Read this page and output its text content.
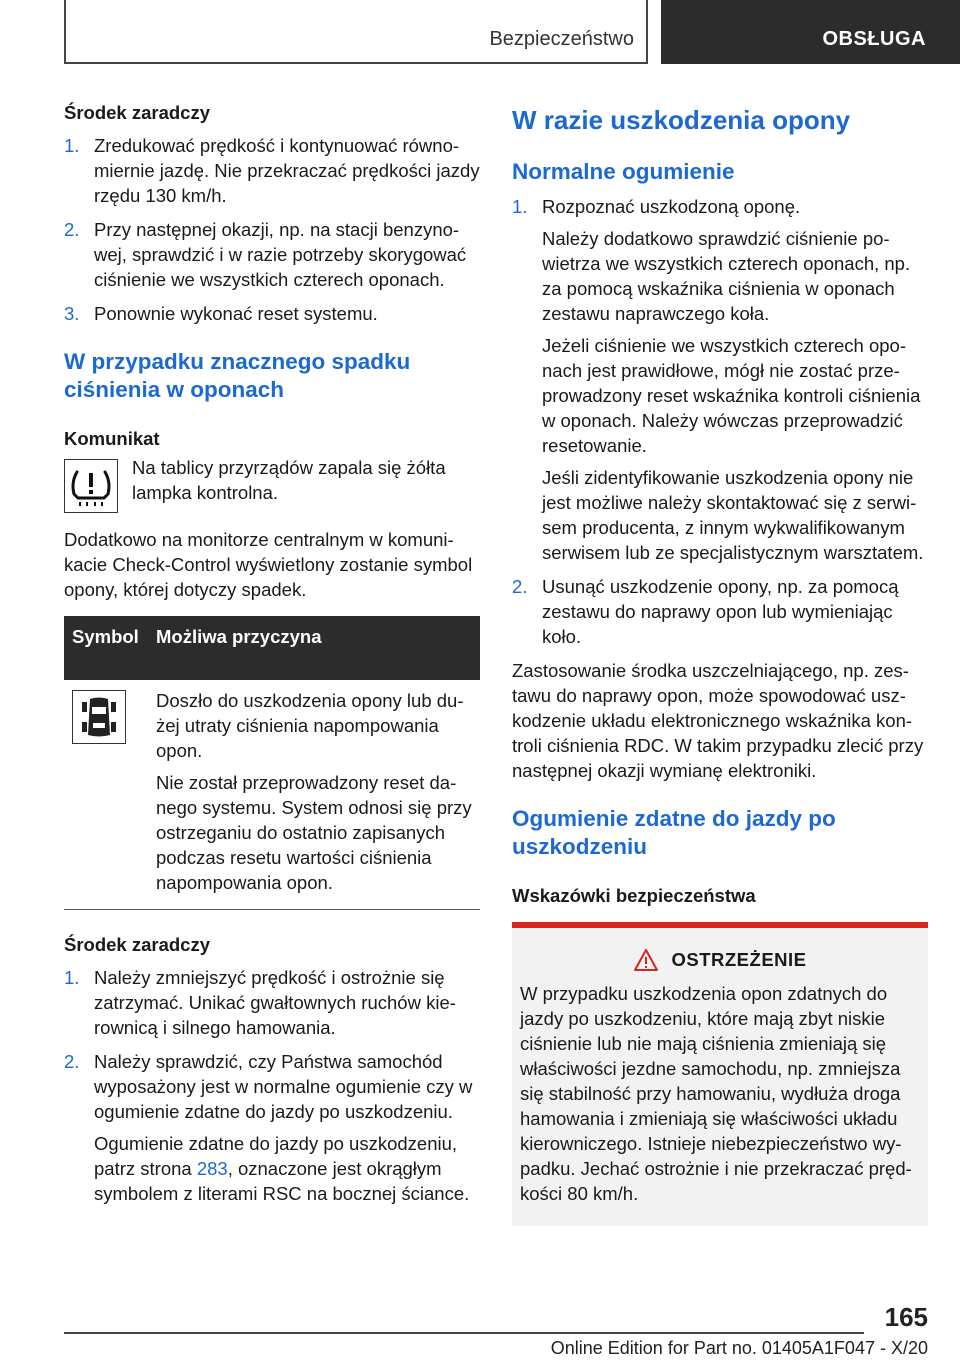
Bezpieczeństwo	OBSŁUGA
Środek zaradczy
1. Zredukować prędkość i kontynuować równomiernie jazdę. Nie przekraczać prędkości jazdy rzędu 130 km/h.

2. Przy następnej okazji, np. na stacji benzynowej, sprawdzić i w razie potrzeby skorygować ciśnienie we wszystkich czterech oponach.

3. Ponownie wykonać reset systemu.

W przypadku znacznego spadku ciśnienia w oponach
Komunikat

Na tablicy przyrządów zapala się żółta lampka kontrolna.

Dodatkowo na monitorze centralnym w komunikacie Check-Control wyświetlony zostanie symbol opony, której dotyczy spadek.

Symbol Możliwa przyczyna

Doszło do uszkodzenia opony lub dużej utraty ciśnienia napompowania opon.

Nie został przeprowadzony reset danego systemu. System odnosi się przy ostrzeganiu do ostatnio zapisanych podczas resetu wartości ciśnienia napompowania opon.

Środek zaradczy
1. Należy zmniejszyć prędkość i ostrożnie się zatrzymać. Unikać gwałtownych ruchów kierownicą i silnego hamowania.

2. Należy sprawdzić, czy Państwa samochód wyposażony jest w normalne ogumienie czy w ogumienie zdatne do jazdy po uszkodzeniu.

Ogumienie zdatne do jazdy po uszkodzeniu, patrz strona 283, oznaczone jest okrągłym symbolem z literami RSC na bocznej ściance.

W razie uszkodzenia opony
Normalne ogumienie
1. Rozpoznać uszkodzoną oponę.

Należy dodatkowo sprawdzić ciśnienie powietrza we wszystkich czterech oponach, np. za pomocą wskaźnika ciśnienia w oponach zestawu naprawczego koła.

Jeżeli ciśnienie we wszystkich czterech oponach jest prawidłowe, mógł nie zostać przeprowadzony reset wskaźnika kontroli ciśnienia w oponach. Należy wówczas przeprowadzić resetowanie.

Jeśli zidentyfikowanie uszkodzenia opony nie jest możliwe należy skontaktować się z serwisem producenta, z innym wykwalifikowanym serwisem lub ze specjalistycznym warsztatem.

2. Usunąć uszkodzenie opony, np. za pomocą zestawu do naprawy opon lub wymieniając koło.

Zastosowanie środka uszczelniającego, np. zestawu do naprawy opon, może spowodować uszkodzenie układu elektronicznego wskaźnika kontroli ciśnienia RDC. W takim przypadku zlecić przy następnej okazji wymianę elektroniki.

Ogumienie zdatne do jazdy po uszkodzeniu
Wskazówki bezpieczeństwa
OSTRZEŻENIE

W przypadku uszkodzenia opon zdatnych do jazdy po uszkodzeniu, które mają zbyt niskie ciśnienie lub nie mają ciśnienia zmieniają się właściwości jezdne samochodu, np. zmniejsza się stabilność przy hamowaniu, wydłuża droga hamowania i zmieniają się właściwości układu kierowniczego. Istnieje niebezpieczeństwo wypadku. Jechać ostrożnie i nie przekraczać prędkości 80 km/h.

165
Online Edition for Part no. 01405A1F047 - X/20
